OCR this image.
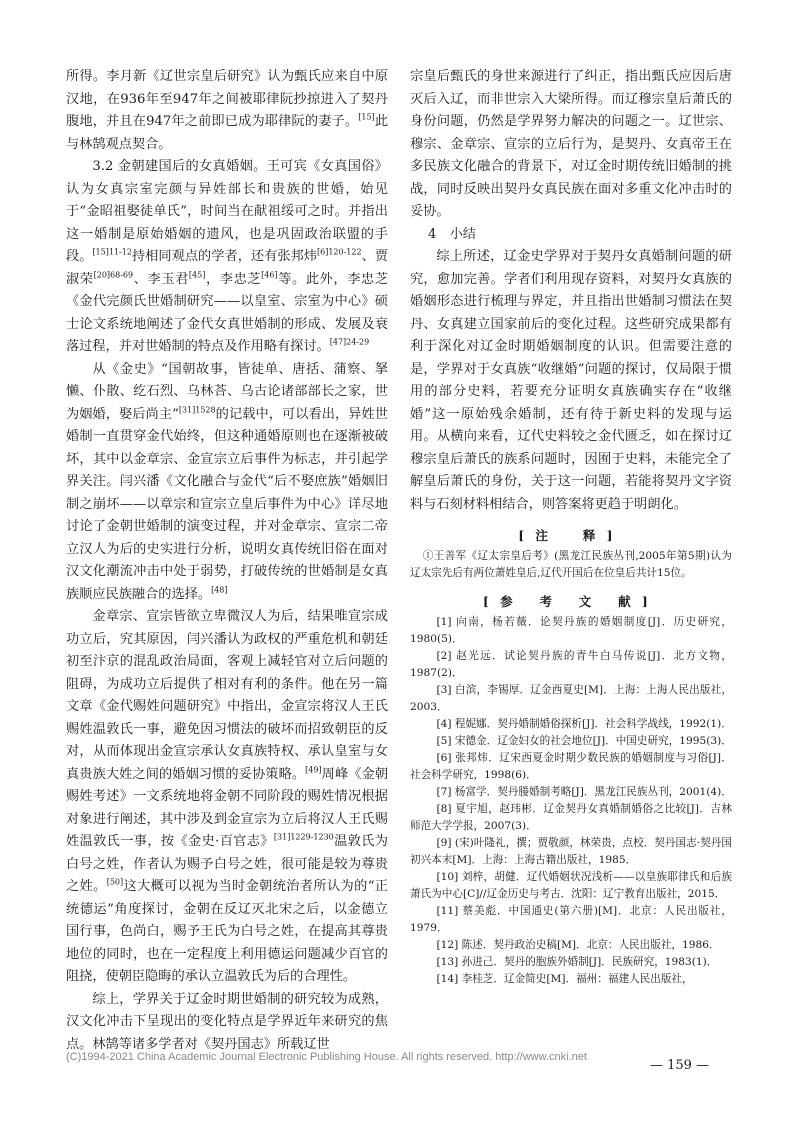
所得。李月新《辽世宗皇后研究》认为甄氏应来自中原汉地，在936年至947年之间被耶律阮抄掠进入了契丹腹地，并且在947年之前即已成为耶律阮的妻子。[15]此与林鹄观点契合。

3.2 金朝建国后的女真婚姻。王可宾《女真国俗》认为女真宗室完颜与异姓部长和贵族的世婚，始见于“金昭祖娶徒单氏”，时间当在献祖绥可之时。并指出这一婚制是原始婚姻的遗风，也是巩固政治联盟的手段。$^{[15]11-12}$持相同观点的学者，还有张邦炜$^{[6]120-122}$、贾淑荣$^{[20]68-69}$、李玉君[45]，李忠芝[46]等。此外，李忠芝《金代完颜氏世婚制研究——以皇室、宗室为中心》硕士论文系统地阐述了金代女真世婚制的形成、发展及衰落过程，并对世婚制的特点及作用略有探讨。$^{[47]24-29}$

从《金史》“国朝故事，皆徒单、唐括、蒲察、拏懒、仆散、纥石烈、乌林荅、乌古论诸部部长之家，世为姻婚，娶后尚主”$^{[31]1528}$的记载中，可以看出，异姓世婚制一直贯穿金代始终，但这种通婚原则也在逐渐被破坏，其中以金章宗、金宣宗立后事件为标志，并引起学界关注。闫兴潘《文化融合与金代“后不娶庶族”婚姻旧制之崩坏——以章宗和宣宗立皇后事件为中心》详尽地讨论了金朝世婚制的演变过程，并对金章宗、宣宗二帝立汉人为后的史实进行分析，说明女真传统旧俗在面对汉文化潮流冲击中处于弱势，打破传统的世婚制是女真族顺应民族融合的选择。[48]

金章宗、宣宗皆欲立卑微汉人为后，结果唯宣宗成功立后，究其原因，闫兴潘认为政权的严重危机和朝廷初至汴京的混乱政治局面，客观上减轻官对立后问题的阻碍，为成功立后提供了相对有利的条件。他在另一篇文章《金代赐姓问题研究》中指出，金宣宗将汉人王氏赐姓温敦氏一事，避免因习惯法的破坏而招致朝臣的反对，从而体现出金宣宗承认女真族特权、承认皇室与女真贵族大姓之间的婚姻习惯的妥协策略。[49]周峰《金朝赐姓考述》一文系统地将金朝不同阶段的赐姓情况根据对象进行阐述，其中涉及到金宣宗为立后将汉人王氏赐姓温敦氏一事，按《金史·百官志》$^{[31]1229-1230}$温敦氏为白号之姓，作者认为赐予白号之姓，很可能是较为尊贵之姓。[50]这大概可以视为当时金朝统治者所认为的“正统德运”角度探讨，金朝在反辽灭北宋之后，以金德立国行事，色尚白，赐予王氏为白号之姓，在提高其尊贵地位的同时，也在一定程度上利用德运问题减少百官的阻挠，使朝臣隐晦的承认立温敦氏为后的合理性。

综上，学界关于辽金时期世婚制的研究较为成熟，汉文化冲击下呈现出的变化特点是学界近年来研究的焦点。林鹄等诸多学者对《契丹国志》所载辽世

宗皇后甄氏的身世来源进行了纠正，指出甄氏应因后唐灭后入辽，而非世宗入大梁所得。而辽穆宗皇后萧氏的身份问题，仍然是学界努力解决的问题之一。辽世宗、穆宗、金章宗、宣宗的立后行为，是契丹、女真帝王在多民族文化融合的背景下，对辽金时期传统旧婚制的挑战，同时反映出契丹女真民族在面对多重文化冲击时的妥协。

4 小结

综上所述，辽金史学界对于契丹女真婚制问题的研究，愈加完善。学者们利用现存资料，对契丹女真族的婚姻形态进行梳理与界定，并且指出世婚制习惯法在契丹、女真建立国家前后的变化过程。这些研究成果都有利于深化对辽金时期婚姻制度的认识。但需要注意的是，学界对于女真族“收继婚”问题的探讨，仅局限于惯用的部分史料，若要充分证明女真族确实存在“收继婚”这一原始残余婚制，还有待于新史料的发现与运用。从横向来看，辽代史料较之金代匮乏，如在探讨辽穆宗皇后萧氏的族系问题时，因囿于史料，未能完全了解皇后萧氏的身份，关于这一问题，若能将契丹文字资料与石刻材料相结合，则答案将更趋于明朗化。

[注　释]

①王善军《辽太宗皇后考》(黑龙江民族丛刊,2005年第5期)认为辽太宗先后有两位萧姓皇后,辽代开国后在位皇后共计15位。

[参 考 文 献]
[1] 向南，杨若薇．论契丹族的婚姻制度[J]．历史研究，1980(5)．
[2] 赵光远．试论契丹族的青牛白马传说[J]．北方文物，1987(2)．
[3] 白滨，李锡厚．辽金西夏史[M]．上海：上海人民出版社，2003．
[4] 程妮娜．契丹婚制婚俗探析[J]．社会科学战线，1992(1)．
[5] 宋德金．辽金妇女的社会地位[J]．中国史研究，1995(3)．
[6] 张邦炜．辽宋西夏金时期少数民族的婚姻制度与习俗[J]．社会科学研究，1998(6)．
[7] 杨富学．契丹媵婚制考略[J]．黑龙江民族丛刊，2001(4)．
[8] 夏宇旭，赵玮彬．辽金契丹女真婚制婚俗之比较[J]．吉林师范大学学报，2007(3)．
[9] (宋)叶隆礼，撰；贾敬颜，林荣贵，点校．契丹国志·契丹国初兴本末[M]．上海：上海古籍出版社，1985．
[10] 刘梓，胡健．辽代婚姻状况浅析——以皇族耶律氏和后族萧氏为中心[C]//辽金历史与考古．沈阳：辽宁教育出版社，2015．
[11] 蔡美彪．中国通史(第六册)[M]．北京：人民出版社，1979．
[12] 陈述．契丹政治史稿[M]．北京：人民出版社，1986．
[13] 孙进己．契丹的胞族外婚制[J]．民族研究，1983(1)．
[14] 李桂芝．辽金简史[M]．福州：福建人民出版社，
(C)1994-2021 China Academic Journal Electronic Publishing House. All rights reserved. http://www.cnki.net
— 159 —
